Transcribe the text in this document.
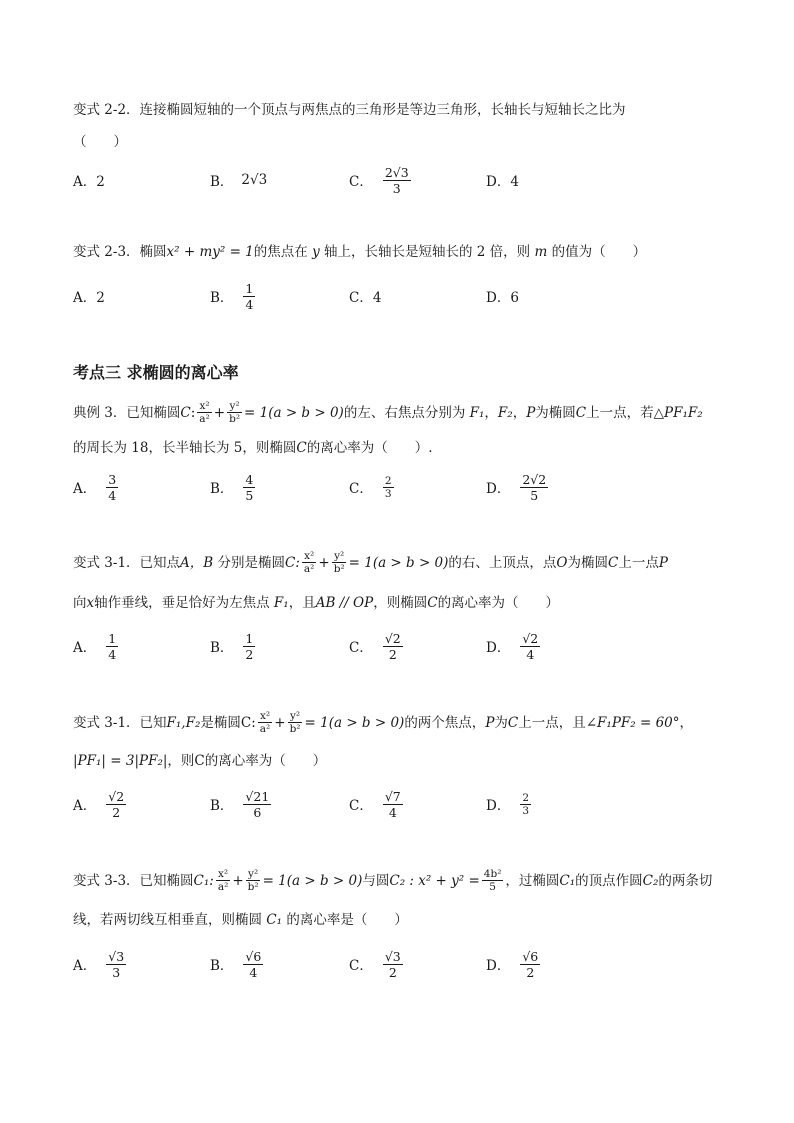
变式 2-2．连接椭圆短轴的一个顶点与两焦点的三角形是等边三角形，长轴长与短轴长之比为
（　　）
A．2	B． 2√3	C． $\frac{2√3}{3}$	D．4
变式 2-3．椭圆x² + my² = 1的焦点在 y 轴上，长轴长是短轴长的 2 倍，则 m 的值为（　　）
A．2	B． $\frac{1}{4}$	C．4	D．6
考点三 求椭圆的离心率
典例 3．已知椭圆 C : $\frac{\text{x²}}{\text{a²}} + \frac{\text{y²}}{\text{b²}} = 1(a > b > 0)$ 的左、右焦点分别为
F₁ ， F₂ ， P 为椭圆 C 上一点，若 △PF₁F₂
的周长为 18，长半轴长为 5，则椭圆C的离心率为（　　）.
A． $\frac{3}{4}$	B． $\frac{4}{5}$	C． $\frac{2}{3}$	D． $\frac{2√2}{5}$
变式 3-1．已知点 A，B
分别是椭圆 C: $\frac{\text{x²}}{\text{a²}} + \frac{\text{y²}}{\text{b²}} = 1(a > b > 0)$ 的右、上顶点，点 O 为椭圆 C 上一点 P
向x轴作垂线，垂足恰好为左焦点 F₁，且AB // OP，则椭圆C的离心率为（　　）
A． $\frac{1}{4}$	B． $\frac{1}{2}$	C． $\frac{√2}{2}$	D． $\frac{√2}{4}$
变式 3-1．已知 F₁,F₂ 是椭圆C: $\frac{\text{x²}}{\text{a²}} + \frac{\text{y²}}{\text{b²}} = 1(a > b > 0)$ 的两个焦点， P 为 C 上一点，且 ∠F₁PF₂ = 60° ，
|PF₁| = 3|PF₂|，则C的离心率为（　　）
A． $\frac{√2}{2}$	B． $\frac{√21}{6}$	C． $\frac{√7}{4}$	D． $\frac{2}{3}$
变式 3-3．已知椭圆 C₁: $\frac{\text{x²}}{\text{a²}} + \frac{\text{y²}}{\text{b²}} = 1(a > b > 0)$ 与圆 C₂ : $x^2 + y^2 = \frac{\text{4b²}}{5}$ ，过椭圆 C₁ 的顶点作圆 C₂ 的两条切
线，若两切线互相垂直，则椭圆 C₁ 的离心率是（　　）
A． $\frac{√3}{3}$	B． $\frac{√6}{4}$	C． $\frac{√3}{2}$	D． $\frac{√6}{2}$
